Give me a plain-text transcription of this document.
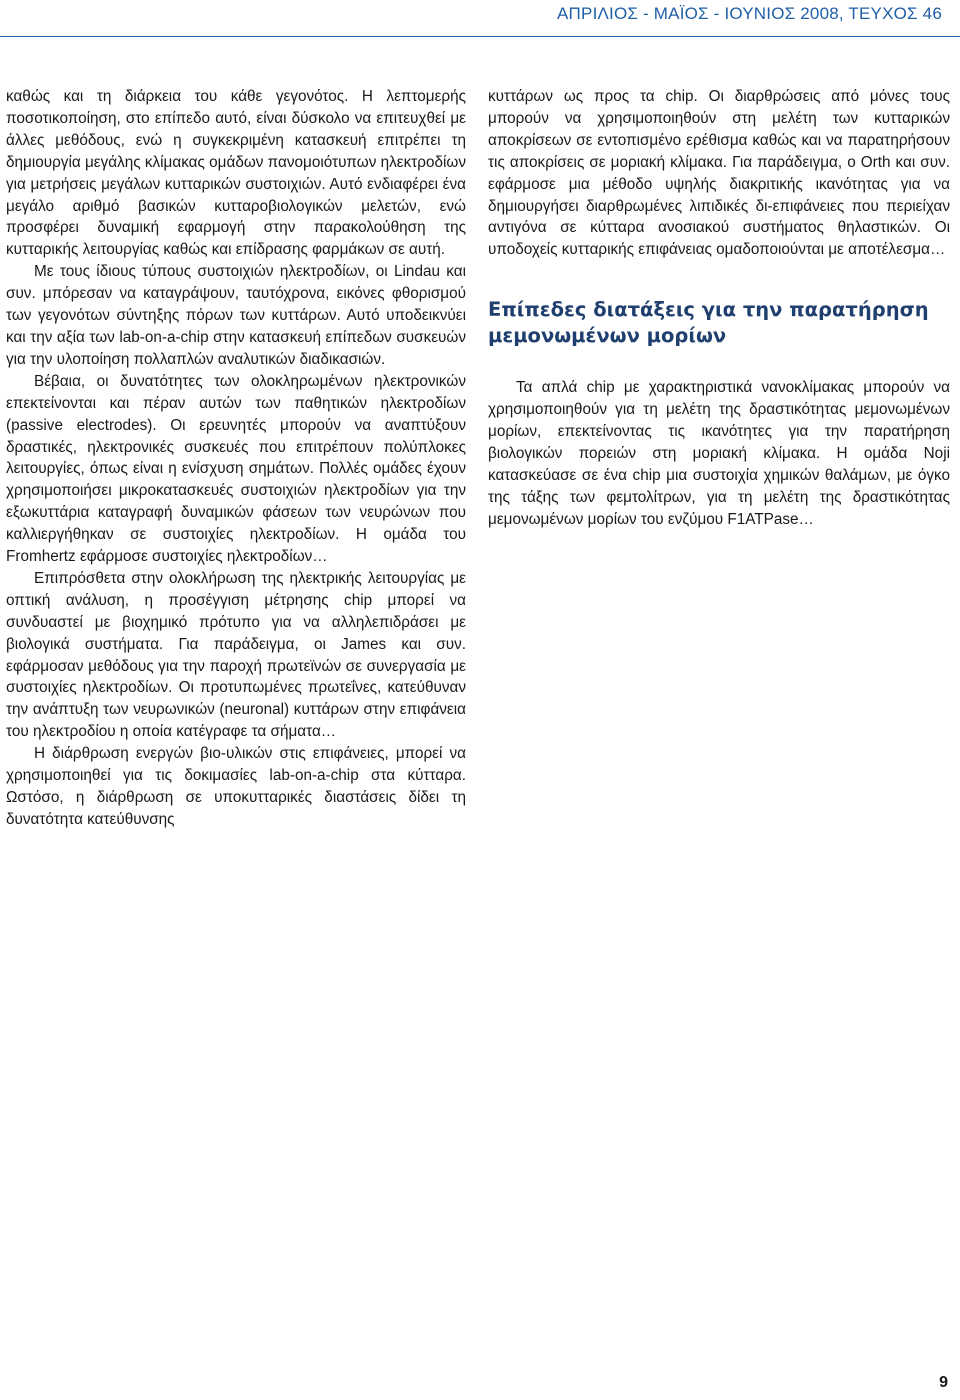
ΑΠΡΙΛΙΟΣ - ΜΑΪΟΣ - ΙΟΥΝΙΟΣ 2008, ΤΕΥΧΟΣ 46

καθώς και τη διάρκεια του κάθε γεγονότος. Η λεπτομερής ποσοτικοποίηση, στο επίπεδο αυτό, είναι δύσκολο να επιτευχθεί με άλλες μεθόδους, ενώ η συγκεκριμένη κατασκευή επιτρέπει τη δημιουργία μεγάλης κλίμακας ομάδων πανομοιότυπων ηλεκτροδίων για μετρήσεις μεγάλων κυτταρικών συστοιχιών. Αυτό ενδιαφέρει ένα μεγάλο αριθμό βασικών κυτταροβιολογικών μελετών, ενώ προσφέρει δυναμική εφαρμογή στην παρακολούθηση της κυτταρικής λειτουργίας καθώς και επίδρασης φαρμάκων σε αυτή.

Με τους ίδιους τύπους συστοιχιών ηλεκτροδίων, οι Lindau και συν. μπόρεσαν να καταγράψουν, ταυτόχρονα, εικόνες φθορισμού των γεγονότων σύντηξης πόρων των κυττάρων. Αυτό υποδεικνύει και την αξία των lab-on-a-chip στην κατασκευή επίπεδων συσκευών για την υλοποίηση πολλαπλών αναλυτικών διαδικασιών.

Βέβαια, οι δυνατότητες των ολοκληρωμένων ηλεκτρονικών επεκτείνονται και πέραν αυτών των παθητικών ηλεκτροδίων (passive electrodes). Οι ερευνητές μπορούν να αναπτύξουν δραστικές, ηλεκτρονικές συσκευές που επιτρέπουν πολύπλοκες λειτουργίες, όπως είναι η ενίσχυση σημάτων. Πολλές ομάδες έχουν χρησιμοποιήσει μικροκατασκευές συστοιχιών ηλεκτροδίων για την εξωκυττάρια καταγραφή δυναμικών φάσεων των νευρώνων που καλλιεργήθηκαν σε συστοιχίες ηλεκτροδίων. Η ομάδα του Fromhertz εφάρμοσε συστοιχίες ηλεκτροδίων…

Επιπρόσθετα στην ολοκλήρωση της ηλεκτρικής λειτουργίας με οπτική ανάλυση, η προσέγγιση μέτρησης chip μπορεί να συνδυαστεί με βιοχημικό πρότυπο για να αλληλεπιδράσει με βιολογικά συστήματα. Για παράδειγμα, οι James και συν. εφάρμοσαν μεθόδους για την παροχή πρωτεϊνών σε συνεργασία με συστοιχίες ηλεκτροδίων. Οι προτυπωμένες πρωτεΐνες, κατεύθυναν την ανάπτυξη των νευρωνικών (neuronal) κυττάρων στην επιφάνεια του ηλεκτροδίου η οποία κατέγραφε τα σήματα…

Η διάρθρωση ενεργών βιο-υλικών στις επιφάνειες, μπορεί να χρησιμοποιηθεί για τις δοκιμασίες lab-on-a-chip στα κύτταρα. Ωστόσο, η διάρθρωση σε υποκυτταρικές διαστάσεις δίδει τη δυνατότητα κατεύθυνσης

κυττάρων ως προς τα chip. Οι διαρθρώσεις από μόνες τους μπορούν να χρησιμοποιηθούν στη μελέτη των κυτταρικών αποκρίσεων σε εντοπισμένο ερέθισμα καθώς και να παρατηρήσουν τις αποκρίσεις σε μοριακή κλίμακα. Για παράδειγμα, ο Orth και συν. εφάρμοσε μια μέθοδο υψηλής διακριτικής ικανότητας για να δημιουργήσει διαρθρωμένες λιπιδικές δι-επιφάνειες που περιείχαν αντιγόνα σε κύτταρα ανοσιακού συστήματος θηλαστικών. Οι υποδοχείς κυτταρικής επιφάνειας ομαδοποιούνται με αποτέλεσμα…

Επίπεδες διατάξεις για την παρατήρηση μεμονωμένων μορίων

Τα απλά chip με χαρακτηριστικά νανοκλίμακας μπορούν να χρησιμοποιηθούν για τη μελέτη της δραστικότητας μεμονωμένων μορίων, επεκτείνοντας τις ικανότητες για την παρατήρηση βιολογικών πορειών στη μοριακή κλίμακα. Η ομάδα Noji κατασκεύασε σε ένα chip μια συστοιχία χημικών θαλάμων, με όγκο της τάξης των φεμτολίτρων, για τη μελέτη της δραστικότητας μεμονωμένων μορίων του ενζύμου F1ATPase…

9
